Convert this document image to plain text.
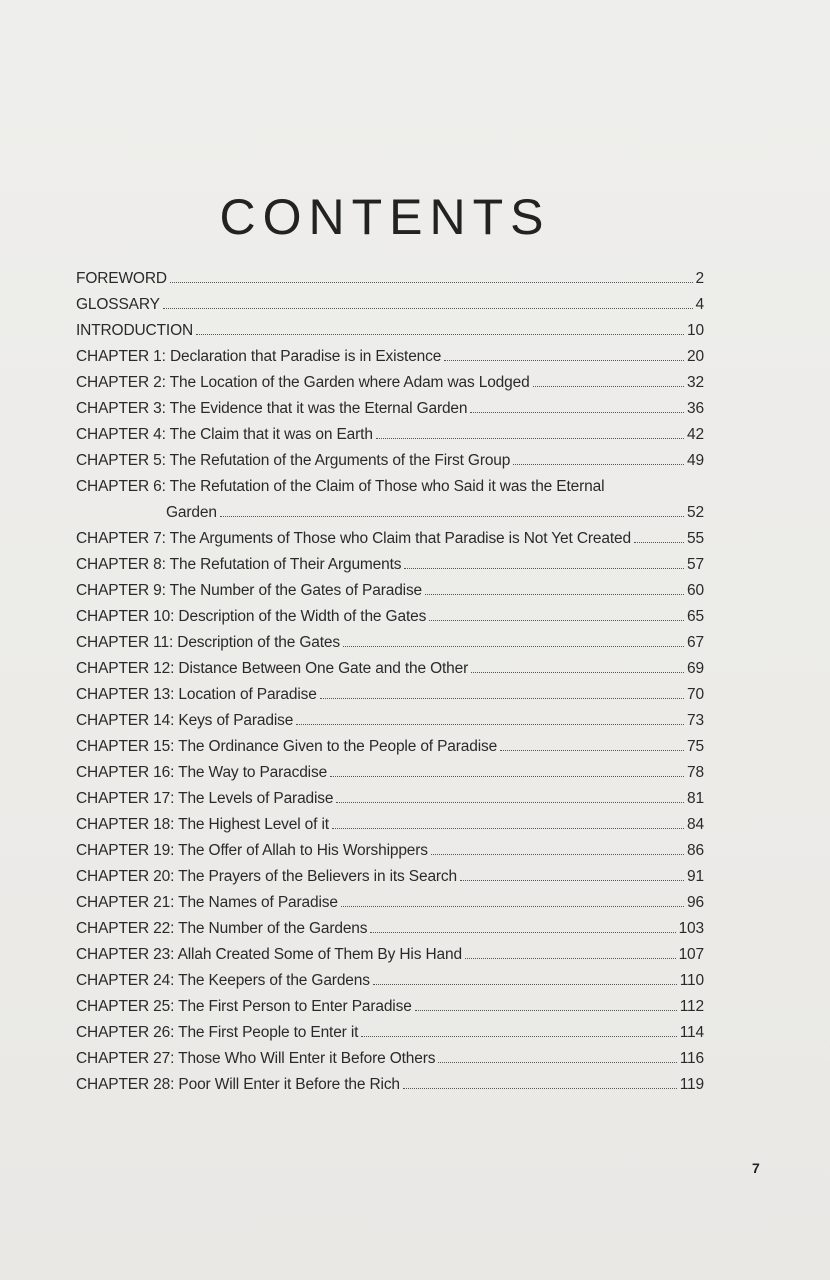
CONTENTS
FOREWORD	2
GLOSSARY	4
INTRODUCTION	10
CHAPTER 1: Declaration that Paradise is in Existence	20
CHAPTER 2: The Location of the Garden where Adam was Lodged	32
CHAPTER 3: The Evidence that it was the Eternal Garden	36
CHAPTER 4: The Claim that it was on Earth	42
CHAPTER 5: The Refutation of the Arguments of the First Group	49
CHAPTER 6: The Refutation of the Claim of Those who Said it was the Eternal
Garden	52
CHAPTER 7: The Arguments of Those who Claim that Paradise is Not Yet Created	55
CHAPTER 8: The Refutation of Their Arguments	57
CHAPTER 9: The Number of the Gates of Paradise	60
CHAPTER 10: Description of the Width of the Gates	65
CHAPTER 11: Description of the Gates	67
CHAPTER 12: Distance Between One Gate and the Other	69
CHAPTER 13: Location of Paradise	70
CHAPTER 14: Keys of Paradise	73
CHAPTER 15: The Ordinance Given to the People of Paradise	75
CHAPTER 16: The Way to Paracdise	78
CHAPTER 17: The Levels of Paradise	81
CHAPTER 18: The Highest Level of it	84
CHAPTER 19: The Offer of Allah to His Worshippers	86
CHAPTER 20: The Prayers of the Believers in its Search	91
CHAPTER 21: The Names of Paradise	96
CHAPTER 22: The Number of the Gardens	103
CHAPTER 23: Allah Created Some of Them By His Hand	107
CHAPTER 24: The Keepers of the Gardens	110
CHAPTER 25: The First Person to Enter Paradise	112
CHAPTER 26: The First People to Enter it	114
CHAPTER 27: Those Who Will Enter it Before Others	116
CHAPTER 28: Poor Will Enter it Before the Rich	119
7
